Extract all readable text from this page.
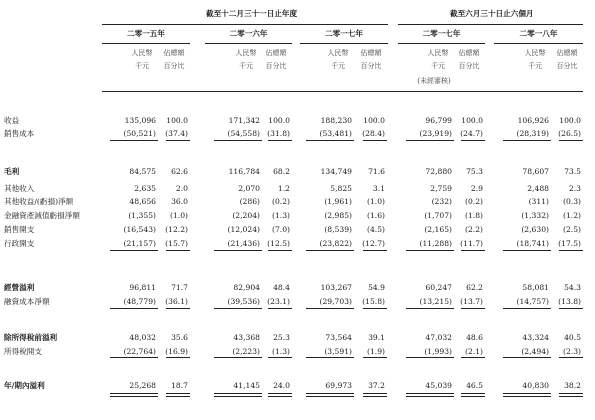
截至十二月三十一日止年度	截至六月三十日止六個月
二零一五年
人民幣
千元
佔總額
百分比
二零一六年
人民幣
千元
佔總額
百分比
二零一七年
人民幣
千元
佔總額
百分比
二零一七年
人民幣
千元
佔總額
百分比
二零一八年
人民幣
千元
佔總額
百分比
(未經審核)
收益	135,096	100.0	171,342	100.0	188,230	100.0	96,799	100.0	106,926	100.0
銷售成本	(50,521)	(37.4)	(54,558) (31.8)	(53,481)	(28.4)	(23,919)	(24.7)	(28,319)	(26.5)
毛利	84,575	62.6	116,784	68.2	134,749	71.6	72,880	75.3	78,607	73.5
其他收入	2,635	2.0	2,070	1.2	5,825	3.1	2,759	2.9	2,488	2.3
其他收益/(虧損)淨額	48,656	36.0	(286)	(0.2)	(1,961)	(1.0)	(232)	(0.2)	(311)	(0.3)
金融資產減值虧損淨額	(1,355)	(1.0)	(2,204)	(1.3)	(2,985)	(1.6)	(1,707)	(1.8)	(1,332)	(1.2)
銷售開支	(16,543)	(12.2)	(12,024)	(7.0)	(8,539)	(4.5)	(2,165)	(2.2)	(2,630)	(2.5)
行政開支	(21,157)	(15.7)	(21,436) (12.5)	(23,822)	(12.7)	(11,288)	(11.7)	(18,741)	(17.5)
經營溢利	96,811	71.7	82,904	48.4	103,267	54.9	60,247	62.2	58,081	54.3
融資成本淨額	(48,779)	(36.1)	(39,536) (23.1)	(29,703)	(15.8)	(13,215)	(13.7)	(14,757)	(13.8)
除所得稅前溢利	48,032	35.6	43,368	25.3	73,564	39.1	47,032	48.6	43,324	40.5
所得稅開支	(22,764)	(16.9)	(2,223)	(1.3)	(3,591)	(1.9)	(1,993)	(2.1)	(2,494)	(2.3)
年/期內溢利	25,268	18.7	41,145	24.0	69,973	37.2	45,039	46.5	40,830	38.2
